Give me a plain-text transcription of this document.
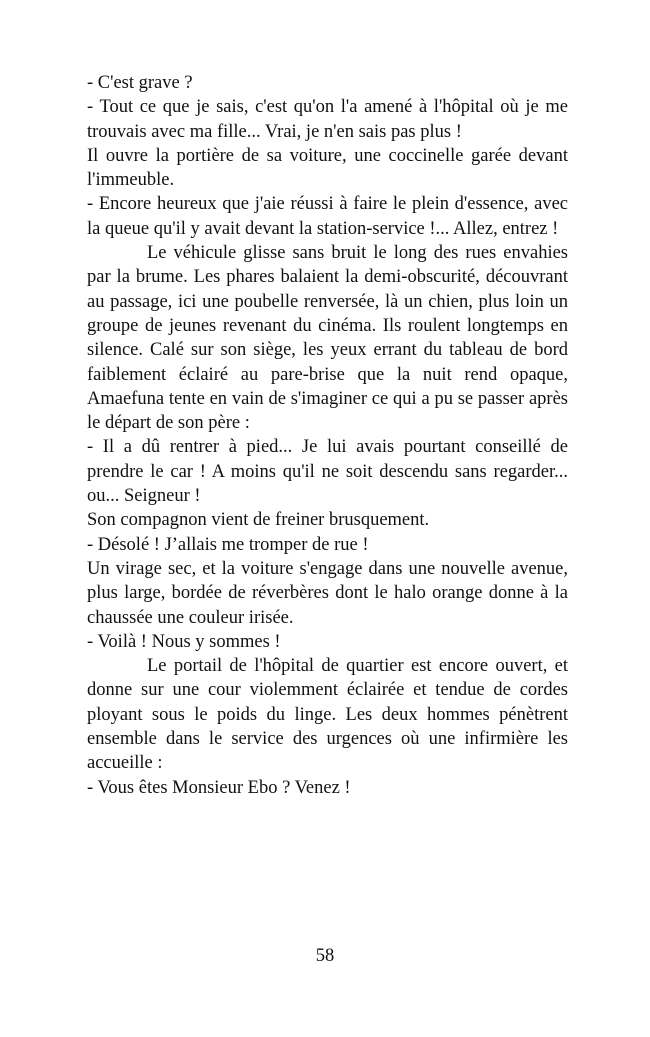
- C'est grave ?

- Tout ce que je sais, c'est qu'on l'a amené à l'hôpital où je me trouvais avec ma fille... Vrai, je n'en sais pas plus !

Il ouvre la portière de sa voiture, une coccinelle garée devant l'immeuble.

- Encore heureux que j'aie réussi à faire le plein d'essence, avec la queue qu'il y avait devant la station-service !... Allez, entrez !

Le véhicule glisse sans bruit le long des rues envahies par la brume. Les phares balaient la demi-obscurité, découvrant au passage, ici une poubelle renversée, là un chien, plus loin un groupe de jeunes revenant du cinéma. Ils roulent longtemps en silence. Calé sur son siège, les yeux errant du tableau de bord faiblement éclairé au pare-brise que la nuit rend opaque, Amaefuna tente en vain de s'imaginer ce qui a pu se passer après le départ de son père :

- Il a dû rentrer à pied... Je lui avais pourtant conseillé de prendre le car ! A moins qu'il ne soit descendu sans regarder... ou... Seigneur !

Son compagnon vient de freiner brusquement.

- Désolé ! J’allais me tromper de rue !

Un virage sec, et la voiture s'engage dans une nouvelle avenue, plus large, bordée de réverbères dont le halo orange donne à la chaussée une couleur irisée.

- Voilà ! Nous y sommes !

Le portail de l'hôpital de quartier est encore ouvert, et donne sur une cour violemment éclairée et tendue de cordes ployant sous le poids du linge. Les deux hommes pénètrent ensemble dans le service des urgences où une infirmière les accueille :

- Vous êtes Monsieur Ebo ? Venez !

58
